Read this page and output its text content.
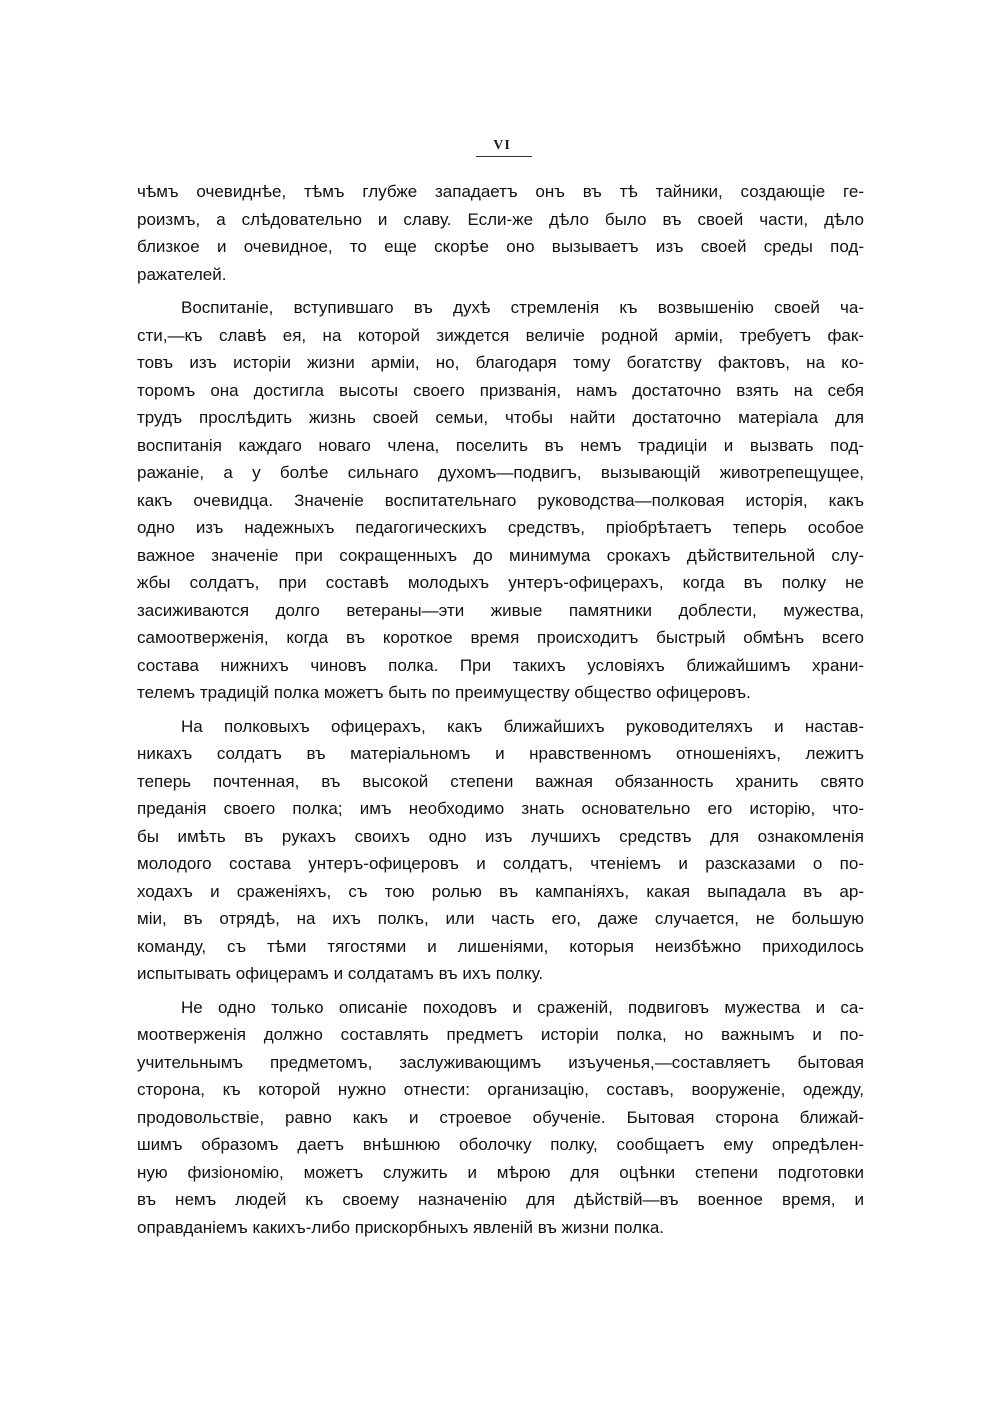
VI
чѣмъ очевиднѣе, тѣмъ глубже западаетъ онъ въ тѣ тайники, создающіе ге-
роизмъ, а слѣдовательно и славу. Если-же дѣло было въ своей части, дѣло
близкое и очевидное, то еще скорѣе оно вызываетъ изъ своей среды под-
ражателей.
Воспитаніе, вступившаго въ духѣ стремленія къ возвышенію своей ча-
сти,—къ славѣ ея, на которой зиждется величіе родной арміи, требуетъ фак-
товъ изъ исторіи жизни арміи, но, благодаря тому богатству фактовъ, на ко-
торомъ она достигла высоты своего призванія, намъ достаточно взять на себя
трудъ прослѣдить жизнь своей семьи, чтобы найти достаточно матеріала для
воспитанія каждаго новаго члена, поселить въ немъ традиціи и вызвать под-
ражаніе, а у болѣе сильнаго духомъ—подвигъ, вызывающій животрепещущее,
какъ очевидца. Значеніе воспитательнаго руководства—полковая исторія, какъ
одно изъ надежныхъ педагогическихъ средствъ, пріобрѣтаетъ теперь особое
важное значеніе при сокращенныхъ до минимума срокахъ дѣйствительной слу-
жбы солдатъ, при составѣ молодыхъ унтеръ-офицерахъ, когда въ полку не
засиживаются долго ветераны—эти живые памятники доблести, мужества,
самоотверженія, когда въ короткое время происходитъ быстрый обмѣнъ всего
состава нижнихъ чиновъ полка. При такихъ условіяхъ ближайшимъ храни-
телемъ традицій полка можетъ быть по преимуществу общество офицеровъ.
На полковыхъ офицерахъ, какъ ближайшихъ руководителяхъ и настав-
никахъ солдатъ въ матеріальномъ и нравственномъ отношеніяхъ, лежитъ
теперь почтенная, въ высокой степени важная обязанность хранить свято
преданія своего полка; имъ необходимо знать основательно его исторію, что-
бы имѣть въ рукахъ своихъ одно изъ лучшихъ средствъ для ознакомленія
молодого состава унтеръ-офицеровъ и солдатъ, чтеніемъ и разсказами о по-
ходахъ и сраженіяхъ, съ тою ролью въ кампаніяхъ, какая выпадала въ ар-
міи, въ отрядѣ, на ихъ полкъ, или часть его, даже случается, не большую
команду, съ тѣми тягостями и лишеніями, которыя неизбѣжно приходилось
испытывать офицерамъ и солдатамъ въ ихъ полку.
Не одно только описаніе походовъ и сраженій, подвиговъ мужества и са-
моотверженія должно составлять предметъ исторіи полка, но важнымъ и по-
учительнымъ предметомъ, заслуживающимъ изъученья,—составляетъ бытовая
сторона, къ которой нужно отнести: организацію, составъ, вооруженіе, одежду,
продовольствіе, равно какъ и строевое обученіе. Бытовая сторона ближай-
шимъ образомъ даетъ внѣшнюю оболочку полку, сообщаетъ ему опредѣлен-
ную физіономію, можетъ служить и мѣрою для оцѣнки степени подготовки
въ немъ людей къ своему назначенію для дѣйствій—въ военное время, и
оправданіемъ какихъ-либо прискорбныхъ явленій въ жизни полка.
